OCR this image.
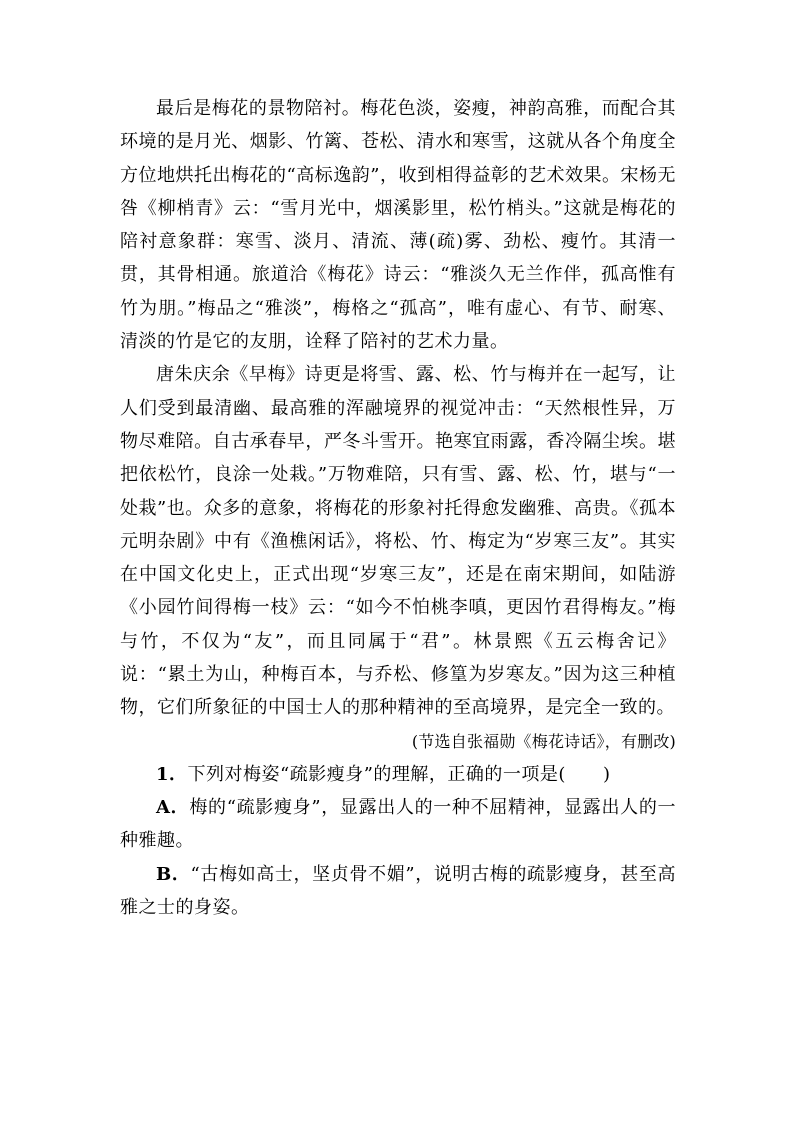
最后是梅花的景物陪衬。梅花色淡，姿瘦，神韵高雅，而配合其环境的是月光、烟影、竹篱、苍松、清水和寒雪，这就从各个角度全方位地烘托出梅花的“高标逸韵”，收到相得益彰的艺术效果。宋杨无咎《柳梢青》云：“雪月光中，烟溪影里，松竹梢头。”这就是梅花的陪衬意象群：寒雪、淡月、清流、薄(疏)雾、劲松、瘦竹。其清一贯，其骨相通。旅道洽《梅花》诗云：“雅淡久无兰作伴，孤高惟有竹为朋。”梅品之“雅淡”，梅格之“孤高”，唯有虚心、有节、耐寒、清淡的竹是它的友朋，诠释了陪衬的艺术力量。

唐朱庆余《早梅》诗更是将雪、露、松、竹与梅并在一起写，让人们受到最清幽、最高雅的浑融境界的视觉冲击：“天然根性异，万物尽难陪。自古承春早，严冬斗雪开。艳寒宜雨露，香冷隔尘埃。堪把依松竹，良涂一处栽。”万物难陪，只有雪、露、松、竹，堪与“一处栽”也。众多的意象，将梅花的形象衬托得愈发幽雅、高贵。《孤本元明杂剧》中有《渔樵闲话》，将松、竹、梅定为“岁寒三友”。其实在中国文化史上，正式出现“岁寒三友”，还是在南宋期间，如陆游《小园竹间得梅一枝》云：“如今不怕桃李嗔，更因竹君得梅友。”梅与竹，不仅为“友”，而且同属于“君”。林景熙《五云梅舍记》说：“累土为山，种梅百本，与乔松、修篁为岁寒友。”因为这三种植物，它们所象征的中国士人的那种精神的至高境界，是完全一致的。

(节选自张福勋《梅花诗话》，有删改)

1．下列对梅姿“疏影瘦身”的理解，正确的一项是(　　)

A．梅的“疏影瘦身”，显露出人的一种不屈精神，显露出人的一种雅趣。

B．“古梅如高士，坚贞骨不媚”，说明古梅的疏影瘦身，甚至高雅之士的身姿。
